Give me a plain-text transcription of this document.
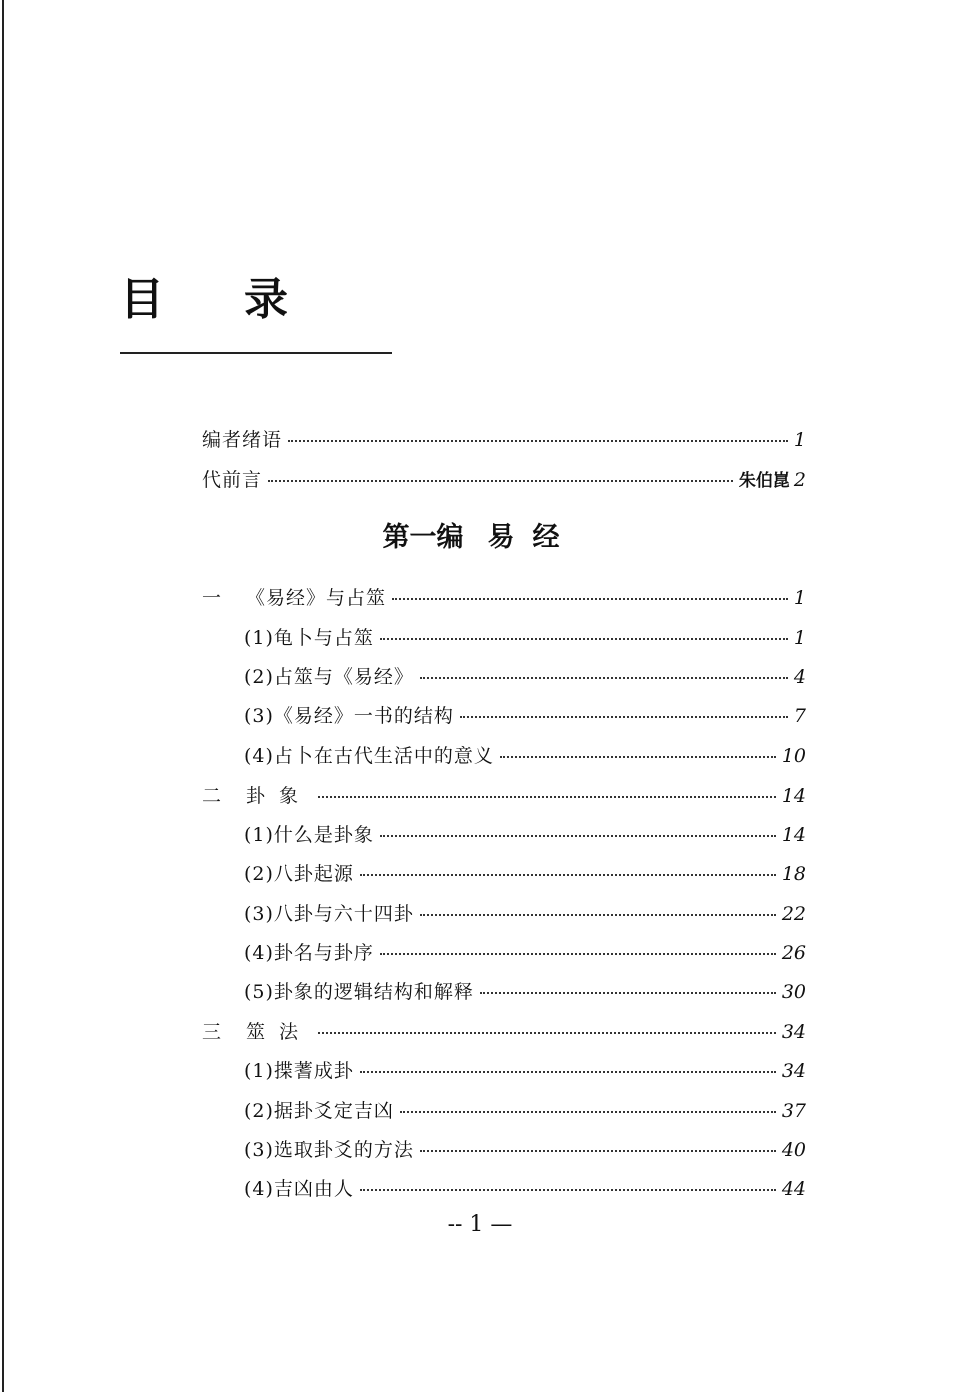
目 录
编者绪语	1
代前言	朱伯崑 2
第一编 易经
一	《易经》与占筮	1
(1)龟卜与占筮	1
(2)占筮与《易经》	4
(3)《易经》一书的结构	7
(4)占卜在古代生活中的意义	10
二	卦象	14
(1)什么是卦象	14
(2)八卦起源	18
(3)八卦与六十四卦	22
(4)卦名与卦序	26
(5)卦象的逻辑结构和解释	30
三	筮法	34
(1)揲蓍成卦	34
(2)据卦爻定吉凶	37
(3)选取卦爻的方法	40
(4)吉凶由人	44
-- 1 —
